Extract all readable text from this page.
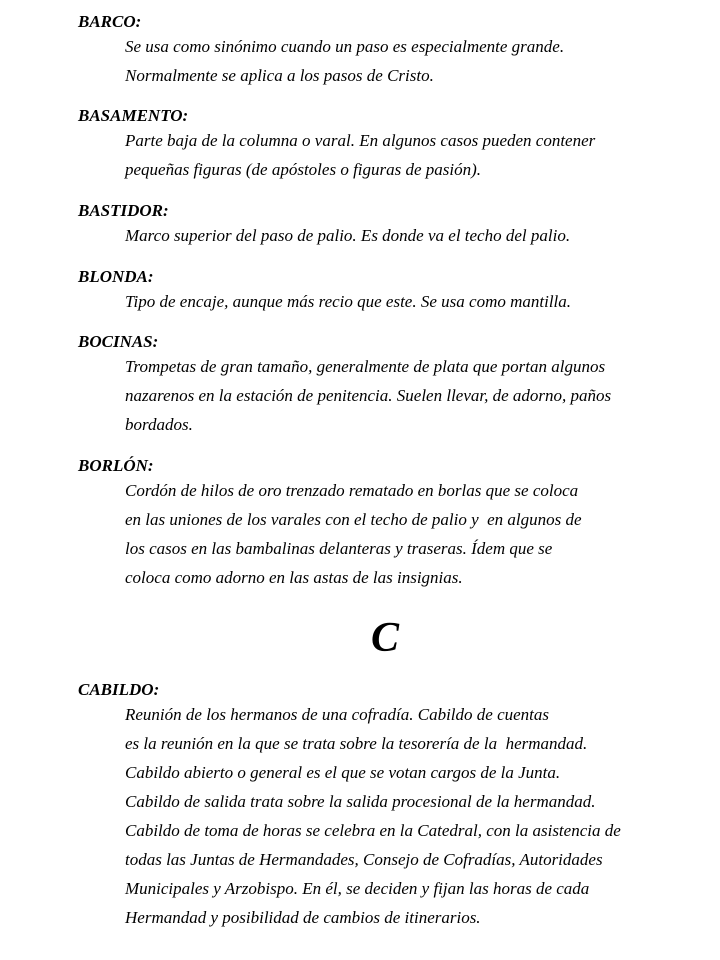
BARCO:
Se usa como sinónimo cuando un paso es especialmente grande.
Normalmente se aplica a los pasos de Cristo.
BASAMENTO:
Parte baja de la columna o varal. En algunos casos pueden contener
pequeñas figuras (de apóstoles o figuras de pasión).
BASTIDOR:
Marco superior del paso de palio. Es donde va el techo del palio.
BLONDA:
Tipo de encaje, aunque más recio que este. Se usa como mantilla.
BOCINAS:
Trompetas de gran tamaño, generalmente de plata que portan algunos
nazarenos en la estación de penitencia. Suelen llevar, de adorno, paños
bordados.
BORLÓN:
Cordón de hilos de oro trenzado rematado en borlas que se coloca
en las uniones de los varales con el techo de palio y  en algunos de
los casos en las bambalinas delanteras y traseras. Ídem que se
coloca como adorno en las astas de las insignias.
C
CABILDO:
Reunión de los hermanos de una cofradía. Cabildo de cuentas
es la reunión en la que se trata sobre la tesorería de la  hermandad.
Cabildo abierto o general es el que se votan cargos de la Junta.
Cabildo de salida trata sobre la salida procesional de la hermandad.
Cabildo de toma de horas se celebra en la Catedral, con la asistencia de
todas las Juntas de Hermandades, Consejo de Cofradías, Autoridades
Municipales y Arzobispo. En él, se deciden y fijan las horas de cada
Hermandad y posibilidad de cambios de itinerarios.
